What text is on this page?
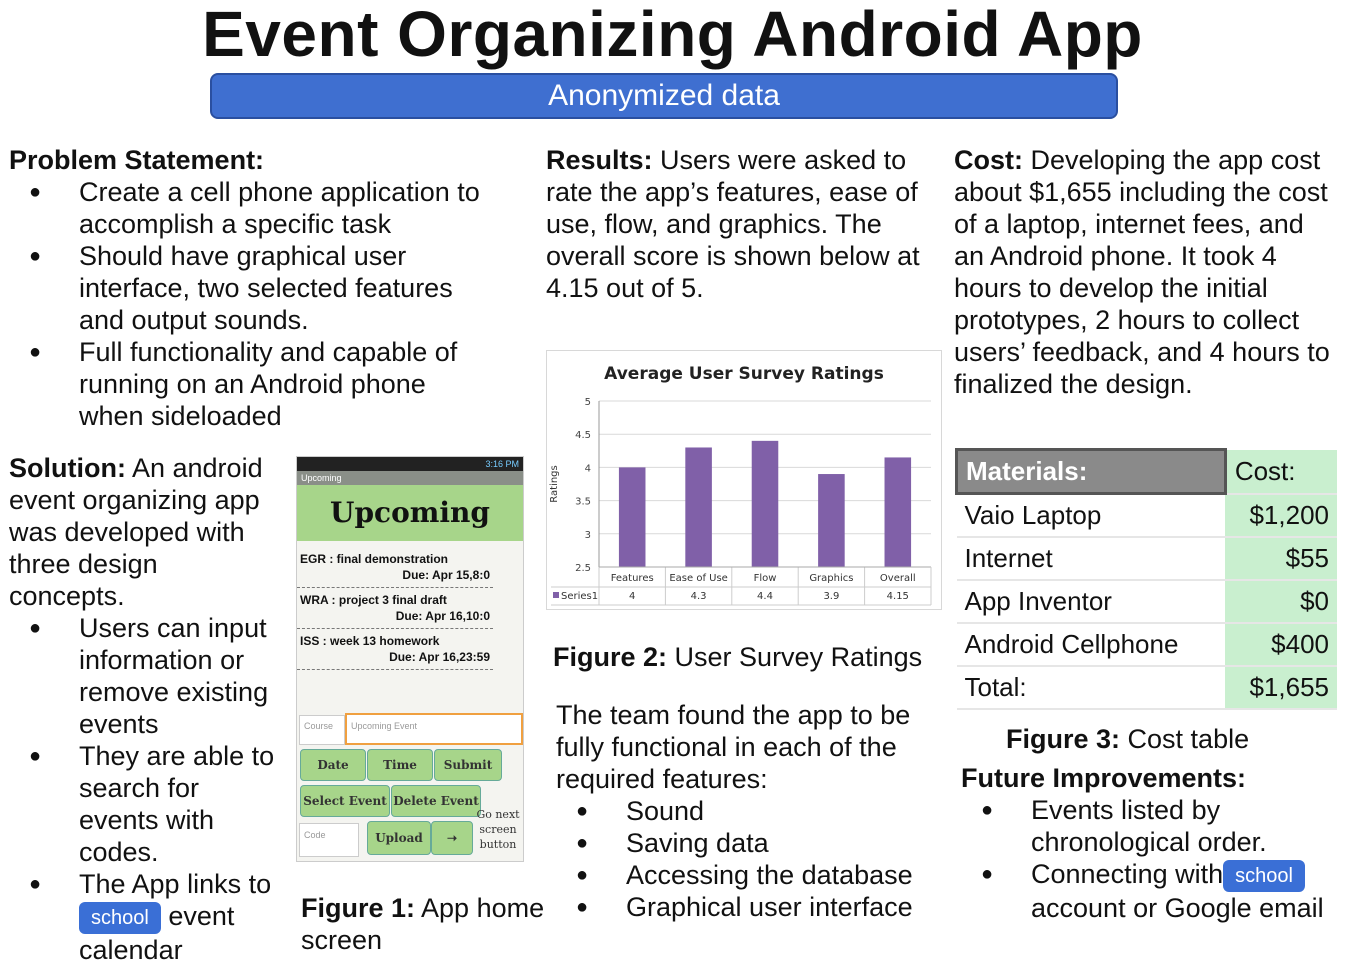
Event Organizing Android App
Anonymized data
Problem Statement:
● Create a cell phone application to accomplish a specific task
● Should have graphical user interface, two selected features and output sounds.
● Full functionality and capable of running on an Android phone when sideloaded
Solution: An android event organizing app was developed with three design concepts.
● Users can input information or remove existing events
● They are able to search for events with codes.
● The App links to school event calendar
3:16 PM
Upcoming
Upcoming
EGR : final demonstration
Due: Apr 15,8:0
WRA : project 3 final draft
Due: Apr 16,10:0
ISS : week 13 homework
Due: Apr 16,23:59
Course	Upcoming Event
Date	Time	Submit
Select Event Delete Event
Code	Upload	➝
Go next screen button
Figure 1: App home screen
Results: Users were asked to rate the app’s features, ease of use, flow, and graphics. The overall score is shown below at 4.15 out of 5.
Average User Survey Ratings
Ratings
2.5
3
3.5
4
4.5
5
Features
4
Ease of Use
4.3
Flow
4.4
Graphics
3.9
Overall
4.15
Series1
Figure 2: User Survey Ratings
The team found the app to be fully functional in each of the required features:
● Sound
● Saving data
● Accessing the database
● Graphical user interface
Cost: Developing the app cost about $1,655 including the cost of a laptop, internet fees, and an Android phone. It took 4 hours to develop the initial prototypes, 2 hours to collect users’ feedback, and 4 hours to finalized the design.
Materials:	Cost:
Vaio Laptop	$1,200
Internet	$55
App Inventor	$0
Android Cellphone	$400
Total:	$1,655
Figure 3: Cost table
Future Improvements:
● Events listed by chronological order.
● Connecting with school account or Google email
